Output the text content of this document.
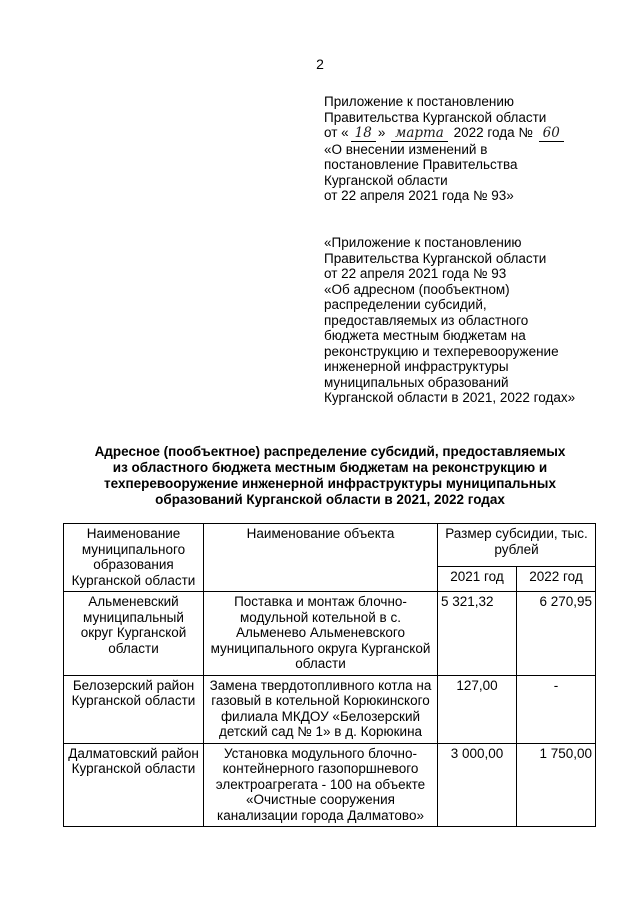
2
Приложение к постановлению
Правительства Курганской области
от « 18 » марта 2022 года № 60
«О внесении изменений в
постановление Правительства
Курганской области
от 22 апреля 2021 года № 93»
«Приложение к постановлению
Правительства Курганской области
от 22 апреля 2021 года № 93
«Об адресном (пообъектном)
распределении субсидий,
предоставляемых из областного
бюджета местным бюджетам на
реконструкцию и техперевооружение
инженерной инфраструктуры
муниципальных образований
Курганской области в 2021, 2022 годах»
Адресное (пообъектное) распределение субсидий, предоставляемых
из областного бюджета местным бюджетам на реконструкцию и
техперевооружение инженерной инфраструктуры муниципальных
образований Курганской области в 2021, 2022 годах
Наименование муниципального образования Курганской области	Наименование объекта	Размер субсидии, тыс. рублей	
		2021 год	2022 год
Альменевский муниципальный округ Курганской области	Поставка и монтаж блочно-модульной котельной в с. Альменево Альменевского муниципального округа Курганской области	5 321,32	6 270,95
Белозерский район Курганской области	Замена твердотопливного котла на газовый в котельной Корюкинского филиала МКДОУ «Белозерский детский сад № 1» в д. Корюкина	127,00	-
Далматовский район Курганской области	Установка модульного блочно-контейнерного газопоршневого электроагрегата - 100 на объекте «Очистные сооружения канализации города Далматово»	3 000,00	1 750,00
